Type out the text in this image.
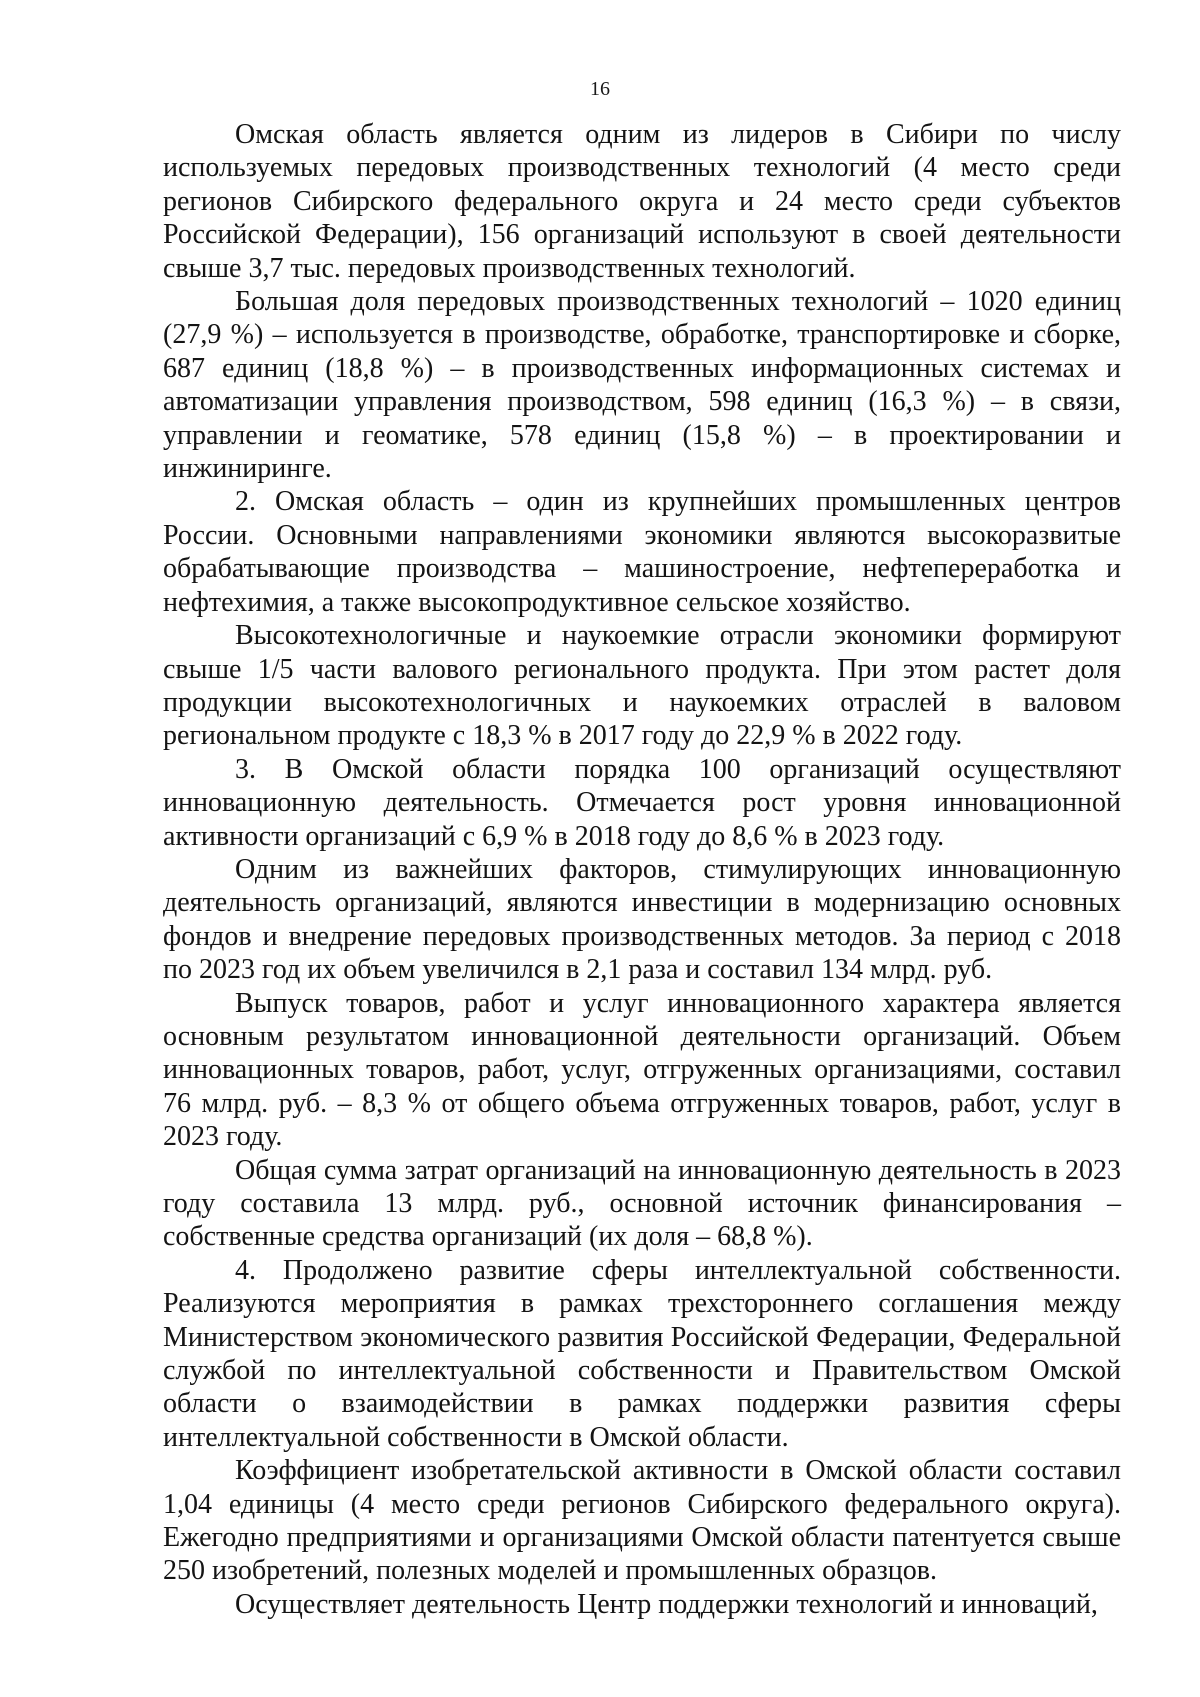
16

Омская область является одним из лидеров в Сибири по числу используемых передовых производственных технологий (4 место среди регионов Сибирского федерального округа и 24 место среди субъектов Российской Федерации), 156 организаций используют в своей деятельности свыше 3,7 тыс. передовых производственных технологий.

Большая доля передовых производственных технологий – 1020 единиц (27,9 %) – используется в производстве, обработке, транспортировке и сборке, 687 единиц (18,8 %) – в производственных информационных системах и автоматизации управления производством, 598 единиц (16,3 %) – в связи, управлении и геоматике, 578 единиц (15,8 %) – в проектировании и инжиниринге.

2. Омская область – один из крупнейших промышленных центров России. Основными направлениями экономики являются высокоразвитые обрабатывающие производства – машиностроение, нефтепереработка и нефтехимия, а также высокопродуктивное сельское хозяйство.

Высокотехнологичные и наукоемкие отрасли экономики формируют свыше 1/5 части валового регионального продукта. При этом растет доля продукции высокотехнологичных и наукоемких отраслей в валовом региональном продукте с 18,3 % в 2017 году до 22,9 % в 2022 году.

3. В Омской области порядка 100 организаций осуществляют инновационную деятельность. Отмечается рост уровня инновационной активности организаций с 6,9 % в 2018 году до 8,6 % в 2023 году.

Одним из важнейших факторов, стимулирующих инновационную деятельность организаций, являются инвестиции в модернизацию основных фондов и внедрение передовых производственных методов. За период с 2018 по 2023 год их объем увеличился в 2,1 раза и составил 134 млрд. руб.

Выпуск товаров, работ и услуг инновационного характера является основным результатом инновационной деятельности организаций. Объем инновационных товаров, работ, услуг, отгруженных организациями, составил 76 млрд. руб. – 8,3 % от общего объема отгруженных товаров, работ, услуг в 2023 году.

Общая сумма затрат организаций на инновационную деятельность в 2023 году составила 13 млрд. руб., основной источник финансирования – собственные средства организаций (их доля – 68,8 %).

4. Продолжено развитие сферы интеллектуальной собственности. Реализуются мероприятия в рамках трехстороннего соглашения между Министерством экономического развития Российской Федерации, Федеральной службой по интеллектуальной собственности и Правительством Омской области о взаимодействии в рамках поддержки развития сферы интеллектуальной собственности в Омской области.

Коэффициент изобретательской активности в Омской области составил 1,04 единицы (4 место среди регионов Сибирского федерального округа). Ежегодно предприятиями и организациями Омской области патентуется свыше 250 изобретений, полезных моделей и промышленных образцов.

Осуществляет деятельность Центр поддержки технологий и инноваций,
